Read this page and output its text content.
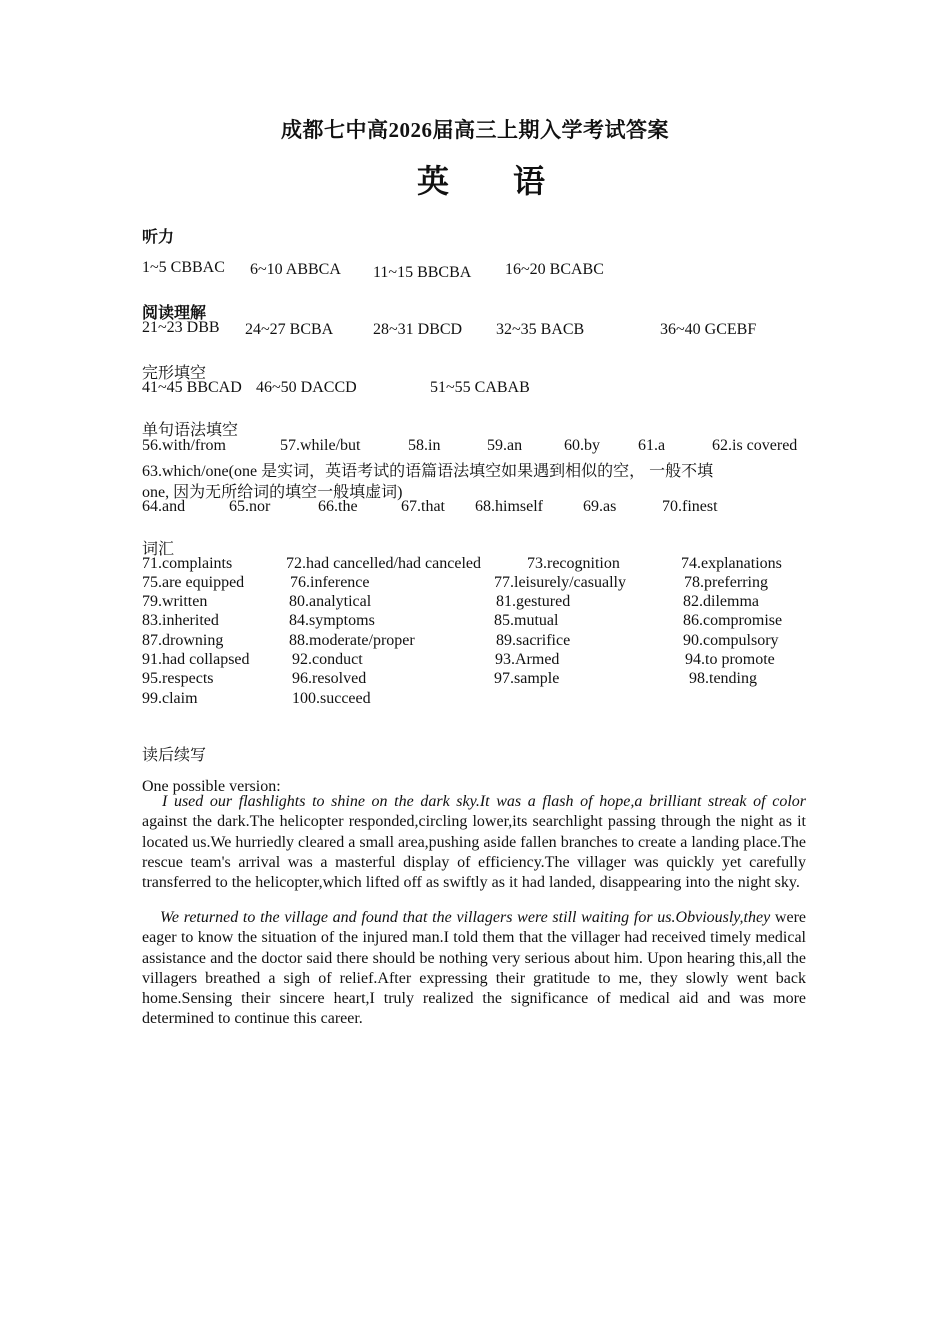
成都七中高2026届高三上期入学考试答案
英 语
听力
1~5 CBBAC 6~10 ABBCA 11~15 BBCBA 16~20 BCABC
阅读理解
21~23 DBB 24~27 BCBA 28~31 DBCD 32~35 BACB	36~40 GCEBF
完形填空
41~45 BBCAD 46~50 DACCD	51~55 CABAB
单句语法填空
56.with/from	57.while/but	58.in	59.an	60.by 61.a	62.is covered
63.which/one(one 是实词，英语考试的语篇语法填空如果遇到相似的空， 一般不填
one, 因为无所给词的填空一般填虚词)
64.and	65.nor	66.the	67.that 68.himself	69.as	70.finest
词汇
71.complaints	72.had cancelled/had canceled	73.recognition	74.explanations
75.are equipped	76.inference	77.leisurely/casually	78.preferring
79.written	80.analytical	81.gestured	82.dilemma
83.inherited	84.symptoms	85.mutual	86.compromise
87.drowning	88.moderate/proper	89.sacrifice	90.compulsory
91.had collapsed	92.conduct	93.Armed	94.to promote
95.respects	96.resolved	97.sample	98.tending
99.claim	100.succeed
读后续写
One possible version:
I used our flashlights to shine on the dark sky.It was a flash of hope,a brilliant streak of color against the dark.The helicopter responded,circling lower,its searchlight passing through the night as it located us.We hurriedly cleared a small area,pushing aside fallen branches to create a landing place.The rescue team's arrival was a masterful display of efficiency.The villager was quickly yet carefully transferred to the helicopter,which lifted off as swiftly as it had landed, disappearing into the night sky.
We returned to the village and found that the villagers were still waiting for us.Obviously,they were eager to know the situation of the injured man.I told them that the villager had received timely medical assistance and the doctor said there should be nothing very serious about him. Upon hearing this,all the villagers breathed a sigh of relief.After expressing their gratitude to me, they slowly went back home.Sensing their sincere heart,I truly realized the significance of medical aid and was more determined to continue this career.
